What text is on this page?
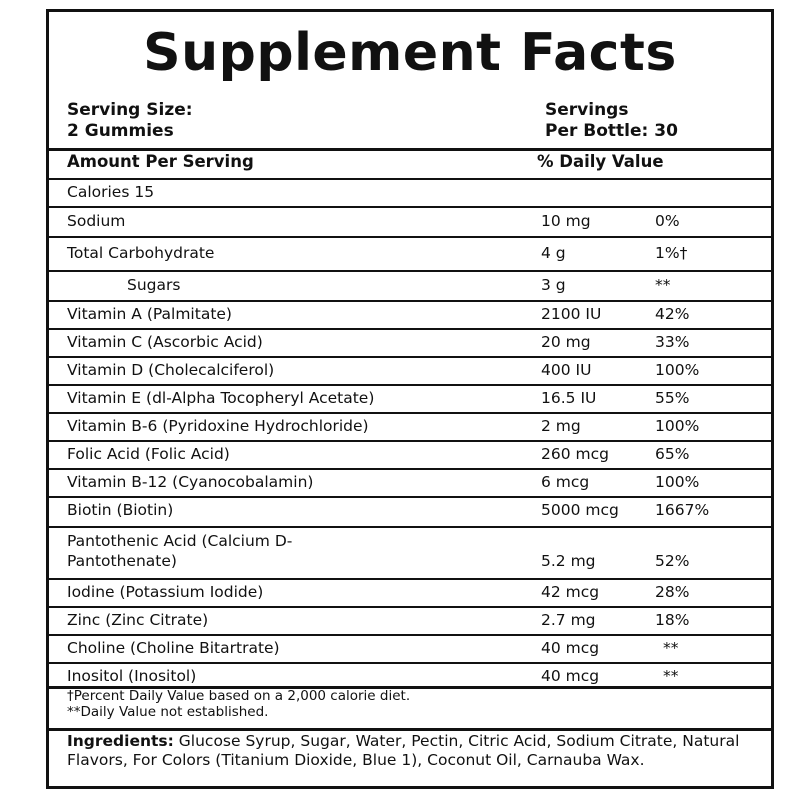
Supplement Facts
Serving Size:
2 Gummies
Servings
Per Bottle: 30
Amount Per Serving	% Daily Value
Calories 15
Sodium	10 mg	0%
Total Carbohydrate	4 g	1%†
Sugars	3 g	**
Vitamin A (Palmitate)	2100 IU	42%
Vitamin C (Ascorbic Acid)	20 mg	33%
Vitamin D (Cholecalciferol)	400 IU	100%
Vitamin E (dl-Alpha Tocopheryl Acetate)	16.5 IU	55%
Vitamin B-6 (Pyridoxine Hydrochloride)	2 mg	100%
Folic Acid (Folic Acid)	260 mcg	65%
Vitamin B-12 (Cyanocobalamin)	6 mcg	100%
Biotin (Biotin)	5000 mcg 1667%
Pantothenic Acid (Calcium D-
Pantothenate)	5.2 mg	52%
Iodine (Potassium Iodide)	42 mcg	28%
Zinc (Zinc Citrate)	2.7 mg	18%
Choline (Choline Bitartrate)	40 mcg	**
Inositol (Inositol)	40 mcg	**
†Percent Daily Value based on a 2,000 calorie diet.
**Daily Value not established.
Ingredients: Glucose Syrup, Sugar, Water, Pectin, Citric Acid, Sodium Citrate, Natural Flavors, For Colors (Titanium Dioxide, Blue 1), Coconut Oil, Carnauba Wax.
